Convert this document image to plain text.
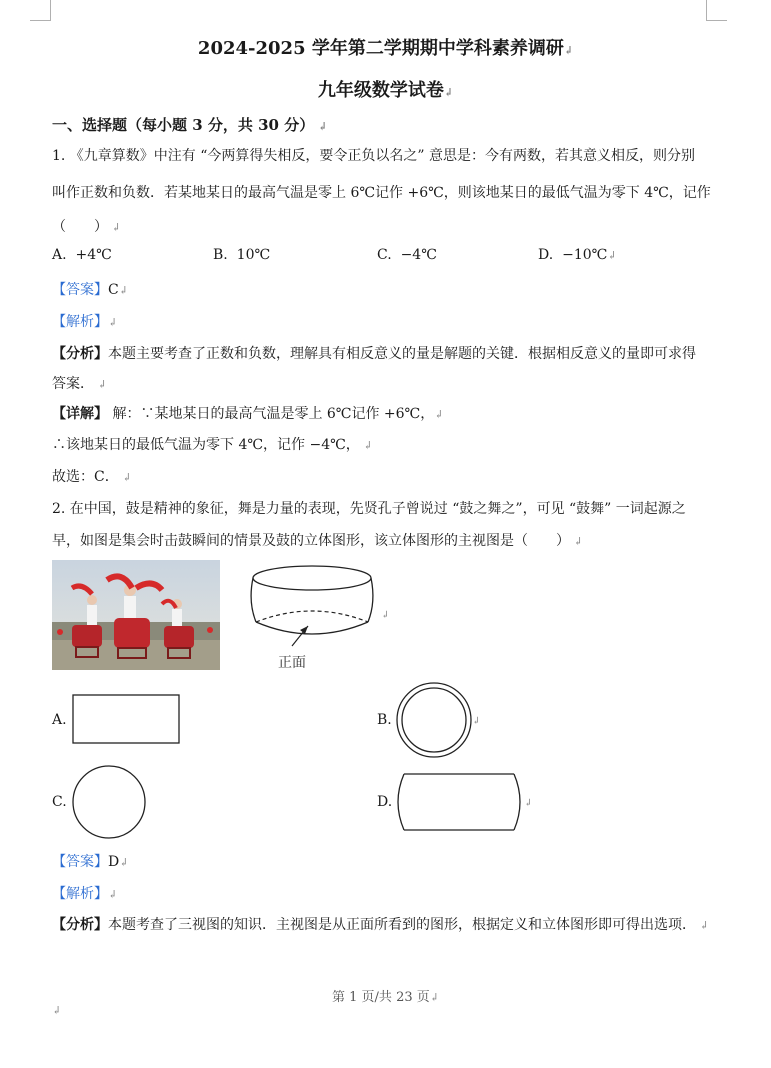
2024-2025 学年第二学期期中学科素养调研↲
九年级数学试卷↲
一、选择题（每小题 3 分，共 30 分） ↲
1. 《九章算数》中注有 “今两算得失相反，要令正负以名之” 意思是：今有两数，若其意义相反，则分别
叫作正数和负数．若某地某日的最高气温是零上 6℃记作 +6℃，则该地某日的最低气温为零下 4℃，记作
（　　） ↲
A. +4℃	B. 10℃	C. −4℃	D. −10℃↲
【答案】C↲
【解析】↲
【分析】本题主要考查了正数和负数，理解具有相反意义的量是解题的关键．根据相反意义的量即可求得
答案． ↲
【详解】 解：∵某地某日的最高气温是零上 6℃记作 +6℃，↲
∴该地某日的最低气温为零下 4℃，记作 −4℃， ↲
故选：C． ↲
2. 在中国，鼓是精神的象征，舞是力量的表现，先贤孔子曾说过 “鼓之舞之”，可见 “鼓舞” 一词起源之
早，如图是集会时击鼓瞬间的情景及鼓的立体图形，该立体图形的主视图是（　　） ↲
↲
正面
A.	B.	↲
C.	D.	↲
【答案】D↲
【解析】↲
【分析】本题考查了三视图的知识．主视图是从正面所看到的图形，根据定义和立体图形即可得出选项． ↲
第 1 页/共 23 页↲
↲
